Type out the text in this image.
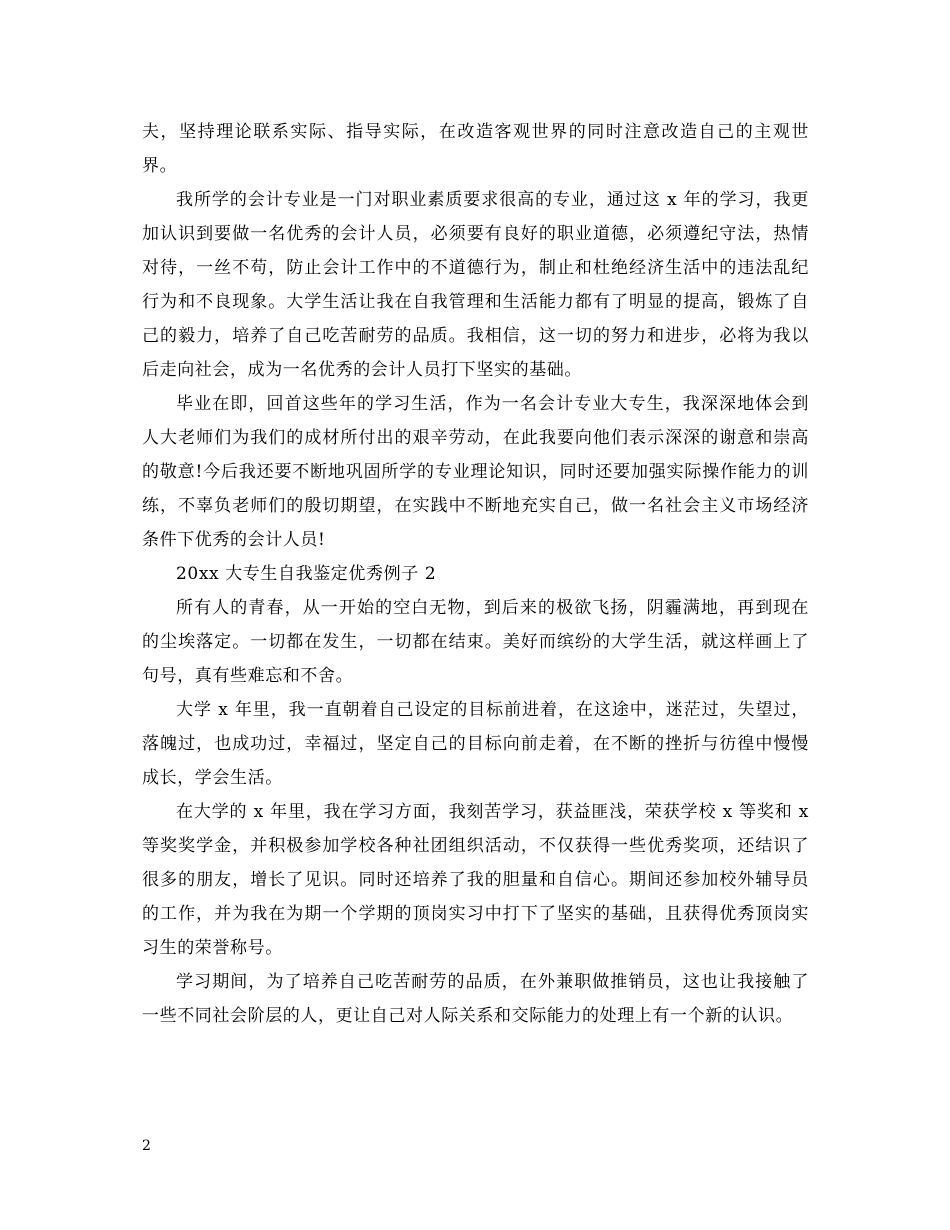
夫，坚持理论联系实际、指导实际，在改造客观世界的同时注意改造自己的主观世界。

我所学的会计专业是一门对职业素质要求很高的专业，通过这 x 年的学习，我更加认识到要做一名优秀的会计人员，必须要有良好的职业道德，必须遵纪守法，热情对待，一丝不苟，防止会计工作中的不道德行为，制止和杜绝经济生活中的违法乱纪行为和不良现象。大学生活让我在自我管理和生活能力都有了明显的提高，锻炼了自己的毅力，培养了自己吃苦耐劳的品质。我相信，这一切的努力和进步，必将为我以后走向社会，成为一名优秀的会计人员打下坚实的基础。

毕业在即，回首这些年的学习生活，作为一名会计专业大专生，我深深地体会到人大老师们为我们的成材所付出的艰辛劳动，在此我要向他们表示深深的谢意和崇高的敬意!今后我还要不断地巩固所学的专业理论知识，同时还要加强实际操作能力的训练，不辜负老师们的殷切期望，在实践中不断地充实自己，做一名社会主义市场经济条件下优秀的会计人员!

20xx 大专生自我鉴定优秀例子 2

所有人的青春，从一开始的空白无物，到后来的极欲飞扬，阴霾满地，再到现在的尘埃落定。一切都在发生，一切都在结束。美好而缤纷的大学生活，就这样画上了句号，真有些难忘和不舍。

大学 x 年里，我一直朝着自己设定的目标前进着，在这途中，迷茫过，失望过，落魄过，也成功过，幸福过，坚定自己的目标向前走着，在不断的挫折与彷徨中慢慢成长，学会生活。

在大学的 x 年里，我在学习方面，我刻苦学习，获益匪浅，荣获学校 x 等奖和 x 等奖奖学金，并积极参加学校各种社团组织活动，不仅获得一些优秀奖项，还结识了很多的朋友，增长了见识。同时还培养了我的胆量和自信心。期间还参加校外辅导员的工作，并为我在为期一个学期的顶岗实习中打下了坚实的基础，且获得优秀顶岗实习生的荣誉称号。

学习期间，为了培养自己吃苦耐劳的品质，在外兼职做推销员，这也让我接触了一些不同社会阶层的人，更让自己对人际关系和交际能力的处理上有一个新的认识。

2
